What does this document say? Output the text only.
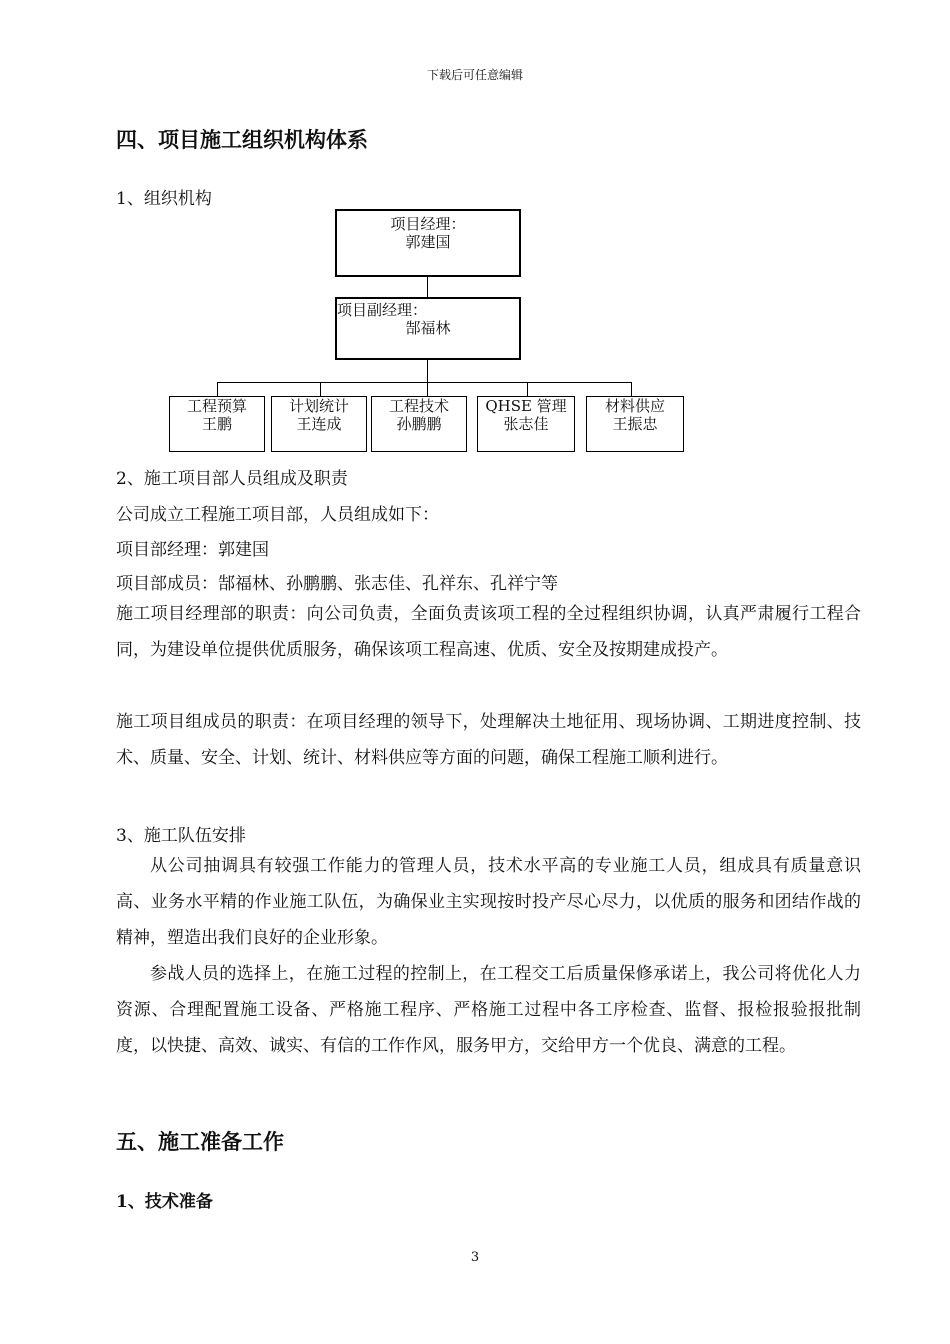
下载后可任意编辑
四、项目施工组织机构体系
1、组织机构
项目经理：
郭建国
项目副经理：
郜福林
工程预算
王鹏
计划统计
王连成
工程技术
孙鹏鹏
QHSE 管理
张志佳
材料供应
王振忠
2、施工项目部人员组成及职责
公司成立工程施工项目部，人员组成如下：
项目部经理：郭建国
项目部成员：郜福林、孙鹏鹏、张志佳、孔祥东、孔祥宁等
施工项目经理部的职责：向公司负责，全面负责该项工程的全过程组织协调，认真严肃履行工程合同，为建设单位提供优质服务，确保该项工程高速、优质、安全及按期建成投产。
施工项目组成员的职责：在项目经理的领导下，处理解决土地征用、现场协调、工期进度控制、技术、质量、安全、计划、统计、材料供应等方面的问题，确保工程施工顺利进行。
3、施工队伍安排
从公司抽调具有较强工作能力的管理人员，技术水平高的专业施工人员，组成具有质量意识高、业务水平精的作业施工队伍，为确保业主实现按时投产尽心尽力，以优质的服务和团结作战的精神，塑造出我们良好的企业形象。
参战人员的选择上，在施工过程的控制上，在工程交工后质量保修承诺上，我公司将优化人力资源、合理配置施工设备、严格施工程序、严格施工过程中各工序检查、监督、报检报验报批制度，以快捷、高效、诚实、有信的工作作风，服务甲方，交给甲方一个优良、满意的工程。
五、施工准备工作
1、技术准备
3
